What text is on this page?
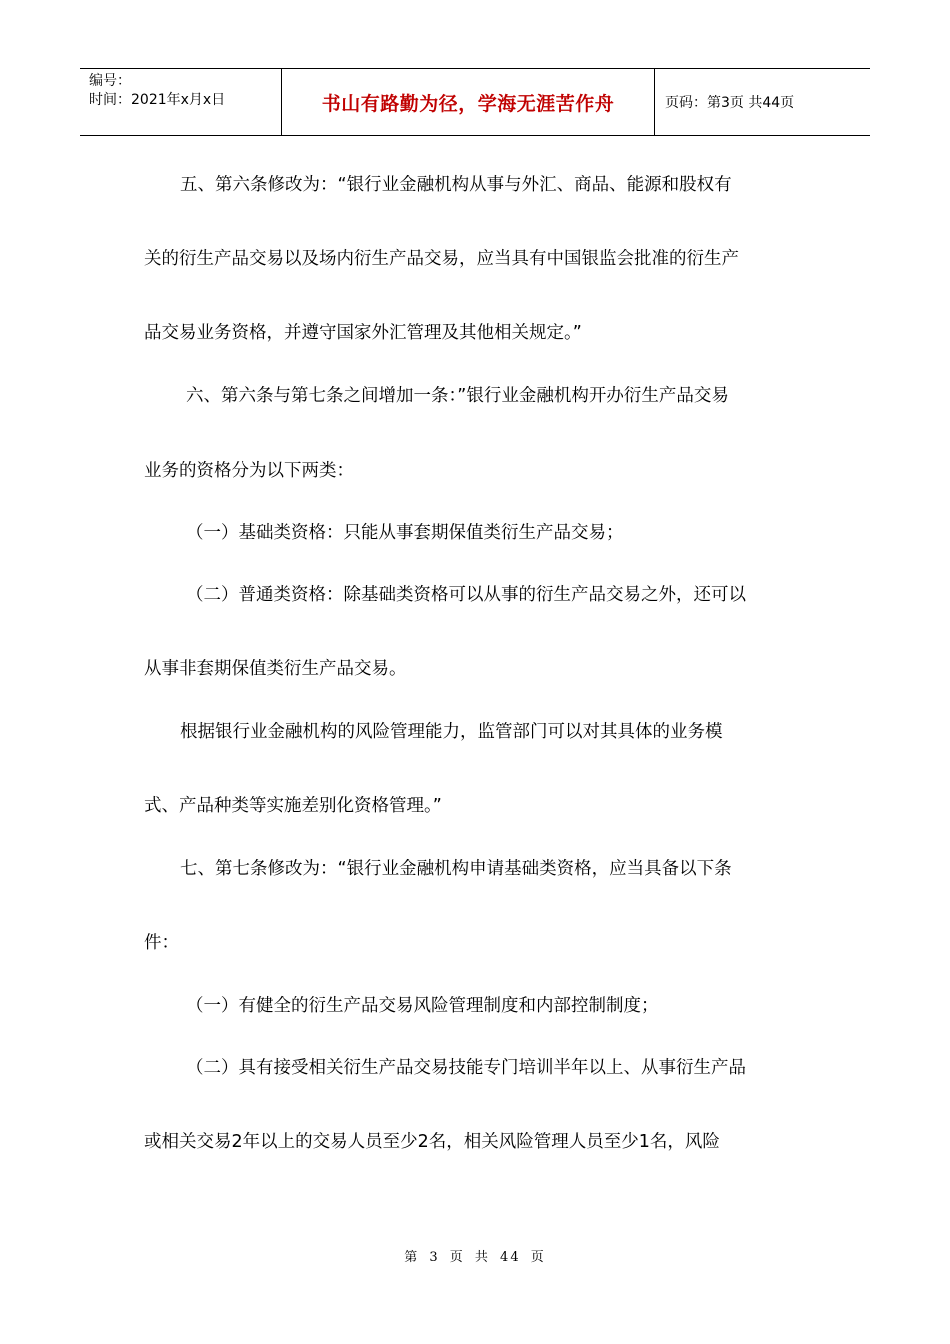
编号：
时间：2021年x月x日	书山有路勤为径，学海无涯苦作舟	页码：第3页 共44页
五、第六条修改为：“银行业金融机构从事与外汇、商品、能源和股权有
关的衍生产品交易以及场内衍生产品交易，应当具有中国银监会批准的衍生产
品交易业务资格，并遵守国家外汇管理及其他相关规定。”
六、第六条与第七条之间增加一条：”银行业金融机构开办衍生产品交易
业务的资格分为以下两类：
（一）基础类资格：只能从事套期保值类衍生产品交易；
（二）普通类资格：除基础类资格可以从事的衍生产品交易之外，还可以
从事非套期保值类衍生产品交易。
根据银行业金融机构的风险管理能力，监管部门可以对其具体的业务模
式、产品种类等实施差别化资格管理。”
七、第七条修改为：“银行业金融机构申请基础类资格，应当具备以下条
件：
（一）有健全的衍生产品交易风险管理制度和内部控制制度；
（二）具有接受相关衍生产品交易技能专门培训半年以上、从事衍生产品
或相关交易2年以上的交易人员至少2名，相关风险管理人员至少1名，风险
第 3 页 共 44 页
